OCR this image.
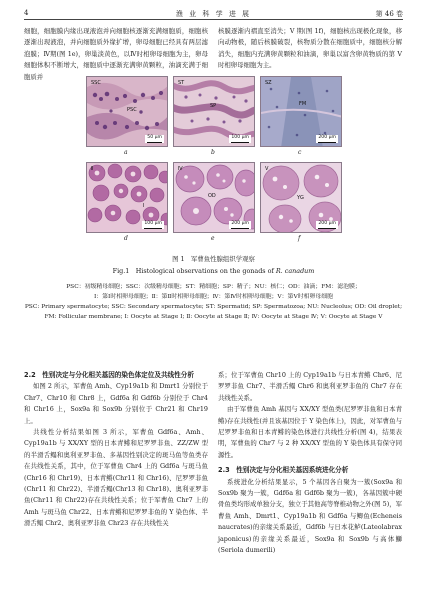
4	渔 业 科 学 进 展	第 46 卷

细胞，细胞膜内缘出现液泡并向细胞核逐渐充满细胞质，细胞核逐渐出现液泡，并向细胞质外缘扩增，卵母细胞已经具有两层滤泡膜；Ⅳ期(图 1e)，卵巢淡黄色，以Ⅳ时相卵母细胞为主，卵母细胞体积不断增大，细胞质中逐渐充满卵黄颗粒，油滴充满于细胞质并

核膜逐渐内褶直至消失；V 期(图 1f)，细胞核出现极化现象，移向动物极，随后核膜破裂，核物质分散在细胞质中，细胞核分解消失，细胞内充满卵黄颗粒和油滴，卵巢以富含卵黄物质的第 V 时相卵母细胞为主。

SSC
PSC
50 μm
a
ST
SP
100 μm
b
SZ
FM
200 μm
c
Ⅱ
Ⅰ
100 μm
d
Ⅳ
OD
200 μm
e
Ⅴ
YG
200 μm
f
图 1　军曹鱼性腺组织学观察
Fig.1　Histological observations on the gonads of R. canadum
PSC：初级精母细胞；SSC：次级精母细胞；ST：精细胞；SP：精子；NU：核仁；OD：油滴；FM：滤泡膜；
Ⅰ：第Ⅰ时相卵母细胞；Ⅱ：第Ⅱ时相卵母细胞；Ⅳ：第Ⅳ时相卵母细胞；Ⅴ：第Ⅴ时相卵母细胞
PSC: Primary spermatocyte; SSC: Secondary spermatocyte; ST: Spermatid; SP: Spermatozoa; NU: Nucleolus; OD: Oil droplet;
FM: Follicular membrane; Ⅰ: Oocyte at Stage Ⅰ; Ⅱ: Oocyte at Stage Ⅱ; Ⅳ: Oocyte at Stage Ⅳ; Ⅴ: Oocyte at Stage Ⅴ
2.2　性别决定与分化相关基因的染色体定位及共线性分析

如图 2 所示，军曹鱼 Amh、Cyp19a1b 和 Dmrt1 分别位于 Chr7、Chr10 和 Chr8 上，Gdf6a 和 Gdf6b 分别位于 Chr4 和 Chr16 上，Sox9a 和 Sox9b 分别位于 Chr21 和 Chr19 上。

共线性分析结果如图 3 所示，军曹鱼 Gdf6a、Amh、Cyp19a1b 与 XX/XY 型的日本青鳉和尼罗罗非鱼、ZZ/ZW 型的半滑舌鳎和奥利亚罗非鱼、多基因性别决定的斑马鱼等鱼类存在共线性关系，其中，位于军曹鱼 Chr4 上的 Gdf6a 与斑马鱼(Chr16 和 Chr19)、日本青鳉(Chr11 和 Chr16)、尼罗罗非鱼(Chr11 和 Chr22)、半滑舌鳎(Chr13 和 Chr18)、奥利亚罗非鱼(Chr11 和 Chr22)存在共线性关系；位于军曹鱼 Chr7 上的 Amh 与斑马鱼 Chr22、日本青鳉和尼罗罗非鱼的 Y 染色体、半滑舌鳎 Chr2、奥利亚罗非鱼 Chr23 存在共线性关

系；位于军曹鱼 Chr10 上的 Cyp19a1b 与日本青鳉 Chr6、尼罗罗非鱼 Chr7、半滑舌鳎 Chr6 和奥利亚罗非鱼的 Chr7 存在共线性关系。

由于军曹鱼 Amh 基因与 XX/XY 型鱼类(尼罗罗非鱼和日本青鳉)存在共线性(并且该基因位于 Y 染色体上)，因此，对军曹鱼与尼罗罗非鱼和日本青鳉的染色体进行共线性分析(图 4)，结果表明，军曹鱼的 Chr7 与 2 种 XX/XY 型鱼的 Y 染色体具有保守同源性。

2.3　性别决定与分化相关基因系统进化分析

系统进化分析结果显示，5 个基因各自聚为一簇(Sox9a 和 Sox9b 聚为一簇，Gdf6a 和 Gdf6b 聚为一簇)，各基因簇中硬骨鱼类均形成单独分支，独立于其他高等脊椎动物之外(图 5)，军曹鱼 Amh、Dmrt1、Cyp19a1b 和 Gdf6a 与鲫鱼(Echeneis naucrates)的亲缘关系最近，Gdf6b 与日本花鲈(Lateolabrax japonicus)的亲缘关系最近，Sox9a 和 Sox9b 与高体鰤(Seriola dumerili)
